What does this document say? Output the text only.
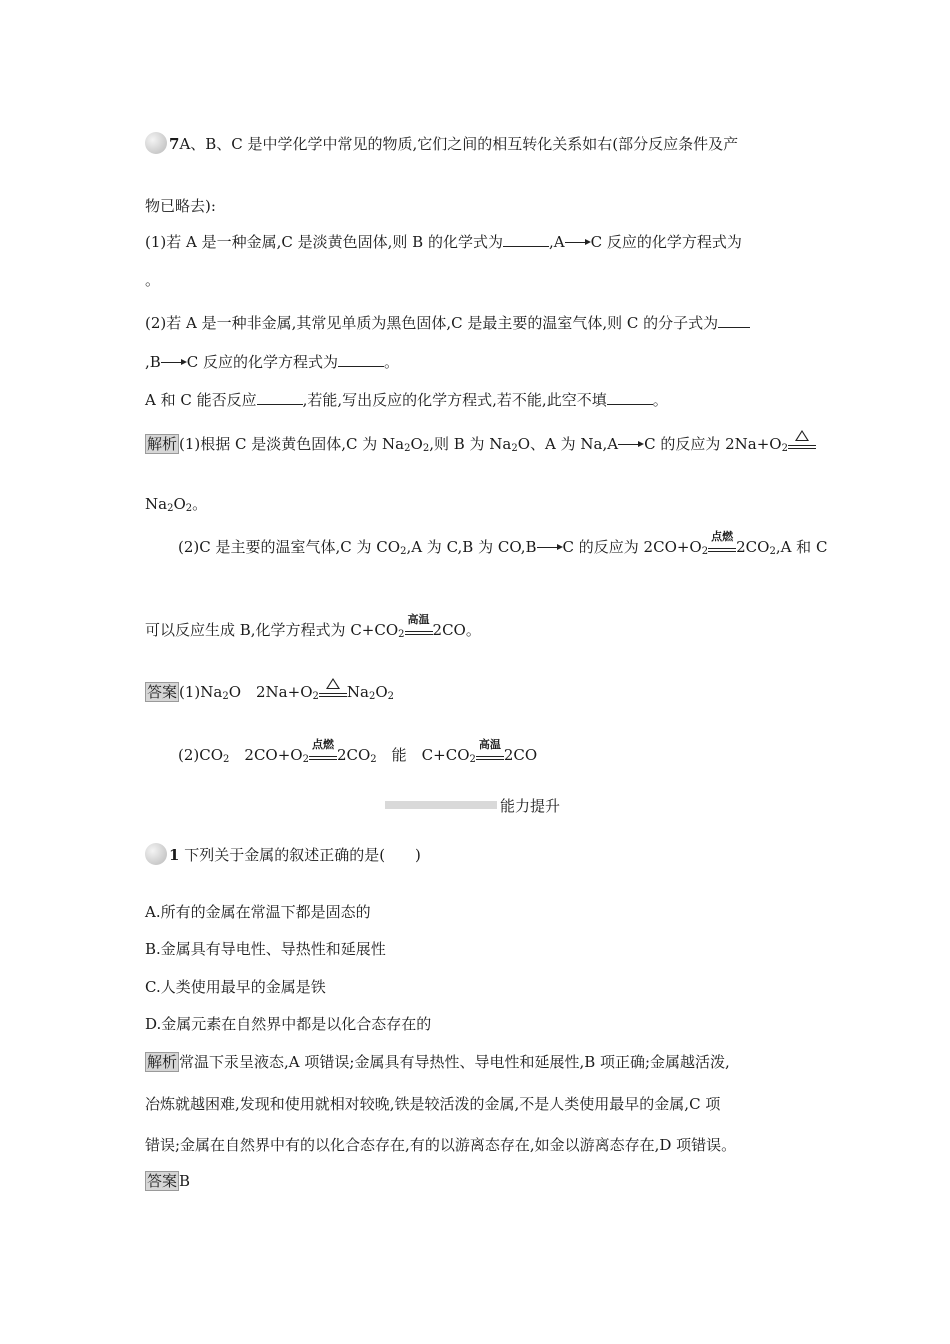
7A、B、C 是中学化学中常见的物质,它们之间的相互转化关系如右(部分反应条件及产
物已略去):
(1)若 A 是一种金属,C 是淡黄色固体,则 B 的化学式为	,A C 反应的化学方程式为
。
(2)若 A 是一种非金属,其常见单质为黑色固体,C 是最主要的温室气体,则 C 的分子式为
,B C 反应的化学方程式为	。
A 和 C 能否反应	,若能,写出反应的化学方程式,若不能,此空不填	。
解析 (1)根据 C 是淡黄色固体,C 为 $Na_2O_2$,则 B 为 $Na_2O$、A 为 Na,A C 的反应为 $2Na+O_2$
$Na_2O_2$。
(2)C 是主要的温室气体,C 为 $CO_2,A$ 为 C,B 为 CO,B C 的反应为 $2CO+O_2$
点燃
$2CO_2,A$ 和 C
可以反应生成 B,化学方程式为 $C+CO_2$
高温
2CO。
答案 $(1)Na_2O$　$2Na+O_2$ $Na_2O_2$
$(2)CO_2$　$2CO+O_2$
点燃
$2CO_2$　能　$C+CO_2$
高温
2CO
能力提升
1 下列关于金属的叙述正确的是(　　)
A.所有的金属在常温下都是固态的
B.金属具有导电性、导热性和延展性
C.人类使用最早的金属是铁
D.金属元素在自然界中都是以化合态存在的
解析 常温下汞呈液态,A 项错误;金属具有导热性、导电性和延展性,B 项正确;金属越活泼,
冶炼就越困难,发现和使用就相对较晚,铁是较活泼的金属,不是人类使用最早的金属,C 项
错误;金属在自然界中有的以化合态存在,有的以游离态存在,如金以游离态存在,D 项错误。
答案 B
